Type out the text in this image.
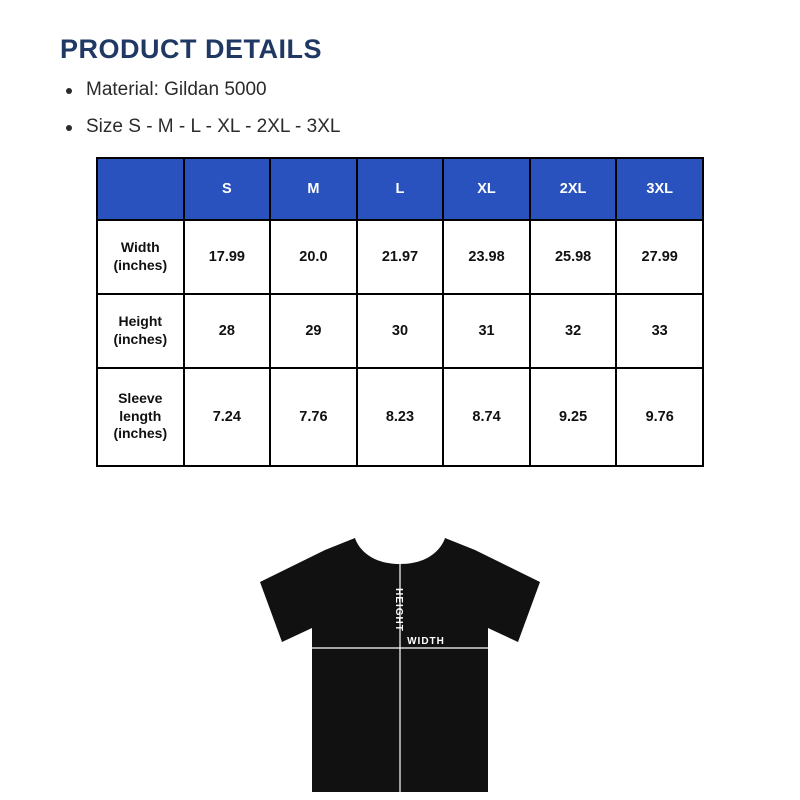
PRODUCT DETAILS
Material: Gildan 5000
Size S - M - L - XL - 2XL - 3XL
	S	M	L	XL	2XL	3XL

Width
(inches)	17.99	20.0	21.97	23.98	25.98	27.99

Height
(inches)	28	29	30	31	32	33

Sleeve
length
(inches)	7.24	7.76	8.23	8.74	9.25	9.76
HEIGHT
WIDTH
